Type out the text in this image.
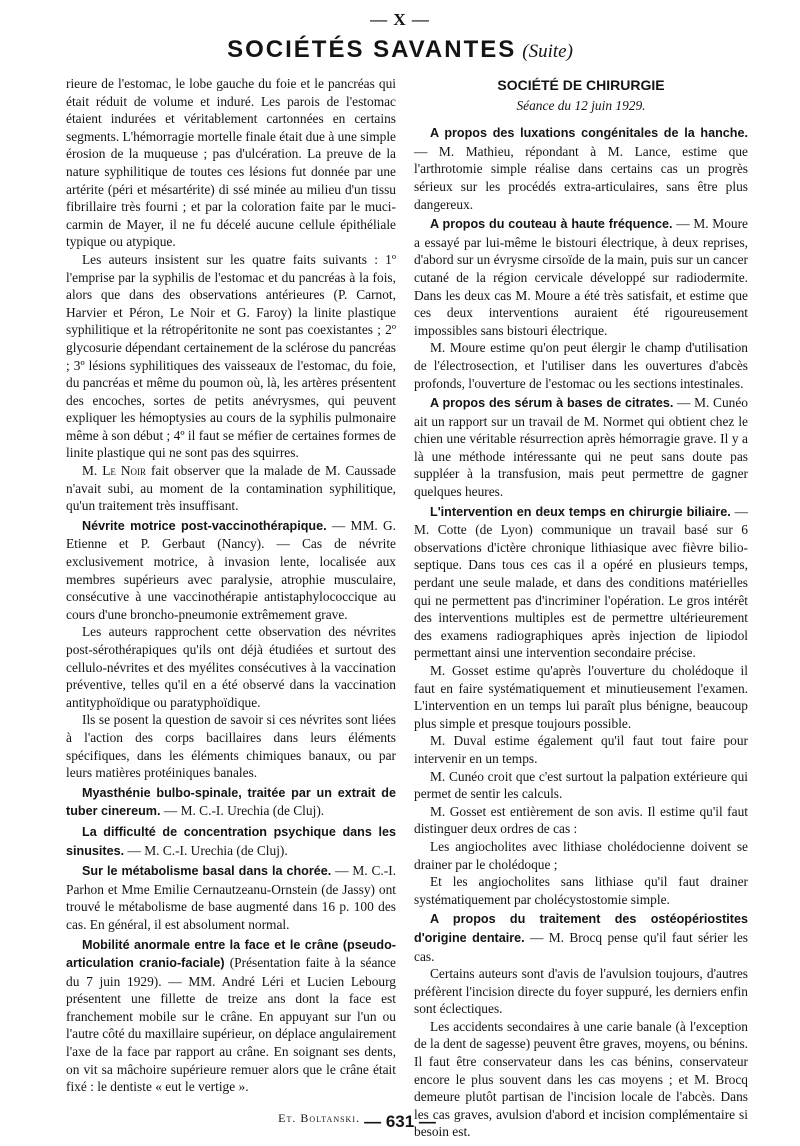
— X —
SOCIÉTÉS SAVANTES (Suite)

rieure de l'estomac, le lobe gauche du foie et le pancréas qui était réduit de volume et induré. Les parois de l'estomac étaient indurées et véritablement cartonnées en certains segments. L'hémorragie mortelle finale était due à une simple érosion de la muqueuse ; pas d'ulcération. La preuve de la nature syphilitique de toutes ces lésions fut donnée par une artérite (péri et mésartérite) di ssé minée au milieu d'un tissu fibrillaire très fourni ; et par la coloration faite par le muci-carmin de Mayer, il ne fu décelé aucune cellule épithéliale typique ou atypique.

Les auteurs insistent sur les quatre faits suivants : 1º l'emprise par la syphilis de l'estomac et du pancréas à la fois, alors que dans des observations antérieures (P. Carnot, Harvier et Péron, Le Noir et G. Faroy) la linite plastique syphilitique et la rétropéritonite ne sont pas coexistantes ; 2º glycosurie dépendant certainement de la sclérose du pancréas ; 3º lésions syphilitiques des vaisseaux de l'estomac, du foie, du pancréas et même du poumon où, là, les artères présentent des encoches, sortes de petits anévrysmes, qui peuvent expliquer les hémoptysies au cours de la syphilis pulmonaire même à son début ; 4º il faut se méfier de certaines formes de linite plastique qui ne sont pas des squirres.

M. Le Noir fait observer que la malade de M. Caussade n'avait subi, au moment de la contamination syphilitique, qu'un traitement très insuffisant.

Névrite motrice post-vaccinothérapique. — MM. G. Etienne et P. Gerbaut (Nancy). — Cas de névrite exclusivement motrice, à invasion lente, localisée aux membres supérieurs avec paralysie, atrophie musculaire, consécutive à une vaccinothérapie antistaphylococcique au cours d'une broncho-pneumonie extrêmement grave.

Les auteurs rapprochent cette observation des névrites post-sérothérapiques qu'ils ont déjà étudiées et surtout des cellulo-névrites et des myélites consécutives à la vaccination préventive, telles qu'il en a été observé dans la vaccination antityphoïdique ou paratyphoïdique.

Ils se posent la question de savoir si ces névrites sont liées à l'action des corps bacillaires dans leurs éléments spécifiques, dans les éléments chimiques banaux, ou par leurs matières protéiniques banales.

Myasthénie bulbo-spinale, traitée par un extrait de tuber cinereum. — M. C.-I. Urechia (de Cluj).

La difficulté de concentration psychique dans les sinusites. — M. C.-I. Urechia (de Cluj).

Sur le métabolisme basal dans la chorée. — M. C.-I. Parhon et Mme Emilie Cernautzeanu-Ornstein (de Jassy) ont trouvé le métabolisme de base augmenté dans 16 p. 100 des cas. En général, il est absolument normal.

Mobilité anormale entre la face et le crâne (pseudo-articulation cranio-faciale) (Présentation faite à la séance du 7 juin 1929). — MM. André Léri et Lucien Lebourg présentent une fillette de treize ans dont la face est franchement mobile sur le crâne. En appuyant sur l'un ou l'autre côté du maxillaire supérieur, on déplace angulairement l'axe de la face par rapport au crâne. En soignant ses dents, on vit sa mâchoire supérieure remuer alors que le crâne était fixé : le dentiste « eut le vertige ».

Et. Boltanski.
SOCIÉTÉ DE CHIRURGIE
Séance du 12 juin 1929.

A propos des luxations congénitales de la hanche. — M. Mathieu, répondant à M. Lance, estime que l'arthrotomie simple réalise dans certains cas un progrès sérieux sur les procédés extra-articulaires, sans être plus dangereux.

A propos du couteau à haute fréquence. — M. Moure a essayé par lui-même le bistouri électrique, à deux reprises, d'abord sur un évrysme cirsoïde de la main, puis sur un cancer cutané de la région cervicale développé sur radiodermite. Dans les deux cas M. Moure a été très satisfait, et estime que ces deux interventions auraient été rigoureusement impossibles sans bistouri électrique.

M. Moure estime qu'on peut élergir le champ d'utilisation de l'électrosection, et l'utiliser dans les ouvertures d'abcès profonds, l'ouverture de l'estomac ou les sections intestinales.

A propos des sérum à bases de citrates. — M. Cunéo ait un rapport sur un travail de M. Normet qui obtient chez le chien une véritable résurrection après hémorragie grave. Il y a là une méthode intéressante qui ne peut sans doute pas suppléer à la transfusion, mais peut permettre de gagner quelques heures.

L'intervention en deux temps en chirurgie biliaire. — M. Cotte (de Lyon) communique un travail basé sur 6 observations d'ictère chronique lithiasique avec fièvre bilio-septique. Dans tous ces cas il a opéré en plusieurs temps, perdant une seule malade, et dans des conditions matérielles qui ne permettent pas d'incriminer l'opération. Le gros intérêt des interventions multiples est de permettre ultérieurement des examens radiographiques après injection de lipiodol permettant ainsi une intervention secondaire précise.

M. Gosset estime qu'après l'ouverture du cholédoque il faut en faire systématiquement et minutieusement l'examen. L'intervention en un temps lui paraît plus bénigne, beaucoup plus simple et presque toujours possible.

M. Duval estime également qu'il faut tout faire pour intervenir en un temps.

M. Cunéo croit que c'est surtout la palpation extérieure qui permet de sentir les calculs.

M. Gosset est entièrement de son avis. Il estime qu'il faut distinguer deux ordres de cas :

Les angiocholites avec lithiase cholédocienne doivent se drainer par le cholédoque ;

Et les angiocholites sans lithiase qu'il faut drainer systématiquement par cholécystostomie simple.

A propos du traitement des ostéopériostites d'origine dentaire. — M. Brocq pense qu'il faut sérier les cas.

Certains auteurs sont d'avis de l'avulsion toujours, d'autres préfèrent l'incision directe du foyer suppuré, les derniers enfin sont éclectiques.

Les accidents secondaires à une carie banale (à l'exception de la dent de sagesse) peuvent être graves, moyens, ou bénins. Il faut être conservateur dans les cas bénins, conservateur encore le plus souvent dans les cas moyens ; et M. Brocq demeure plutôt partisan de l'incision locale de l'abcès. Dans les cas graves, avulsion d'abord et incision complémentaire si besoin est.

— 631 —
